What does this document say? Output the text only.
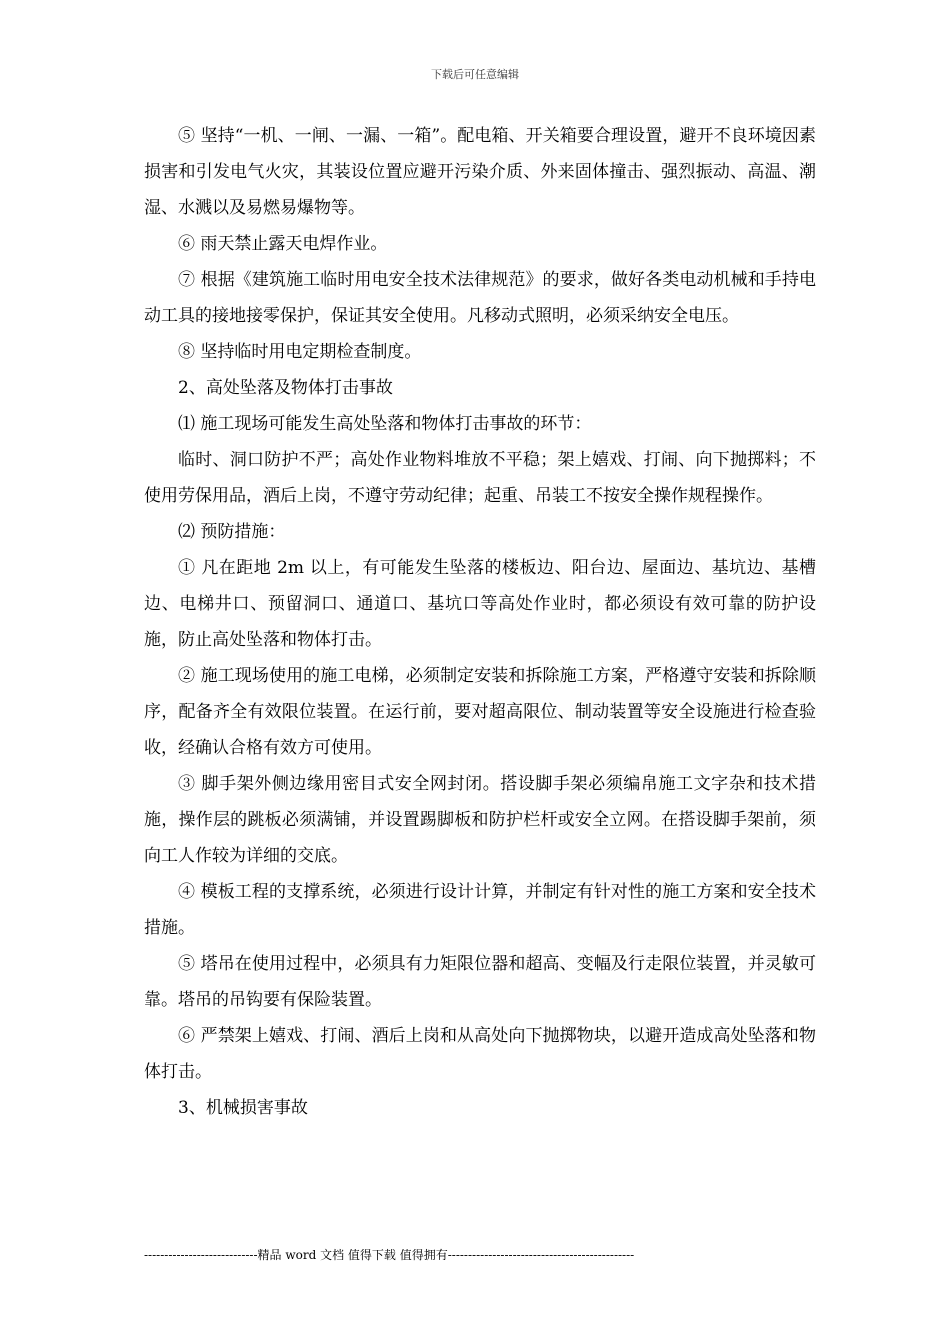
下载后可任意编辑

⑤ 坚持“一机、一闸、一漏、一箱”。配电箱、开关箱要合理设置，避开不良环境因素损害和引发电气火灾，其装设位置应避开污染介质、外来固体撞击、强烈振动、高温、潮湿、水溅以及易燃易爆物等。

⑥ 雨天禁止露天电焊作业。

⑦ 根据《建筑施工临时用电安全技术法律规范》的要求，做好各类电动机械和手持电动工具的接地接零保护，保证其安全使用。凡移动式照明，必须采纳安全电压。

⑧ 坚持临时用电定期检查制度。

2、高处坠落及物体打击事故

⑴ 施工现场可能发生高处坠落和物体打击事故的环节：

临时、洞口防护不严；高处作业物料堆放不平稳；架上嬉戏、打闹、向下抛掷料；不使用劳保用品，酒后上岗，不遵守劳动纪律；起重、吊装工不按安全操作规程操作。

⑵ 预防措施：

① 凡在距地 2m 以上，有可能发生坠落的楼板边、阳台边、屋面边、基坑边、基槽边、电梯井口、预留洞口、通道口、基坑口等高处作业时，都必须设有效可靠的防护设施，防止高处坠落和物体打击。

② 施工现场使用的施工电梯，必须制定安装和拆除施工方案，严格遵守安装和拆除顺序，配备齐全有效限位装置。在运行前，要对超高限位、制动装置等安全设施进行检查验收，经确认合格有效方可使用。

③ 脚手架外侧边缘用密目式安全网封闭。搭设脚手架必须编帛施工文字杂和技术措施，操作层的跳板必须满铺，并设置踢脚板和防护栏杆或安全立网。在搭设脚手架前，须向工人作较为详细的交底。

④ 模板工程的支撑系统，必须进行设计计算，并制定有针对性的施工方案和安全技术措施。

⑤ 塔吊在使用过程中，必须具有力矩限位器和超高、变幅及行走限位装置，并灵敏可靠。塔吊的吊钩要有保险装置。

⑥ 严禁架上嬉戏、打闹、酒后上岗和从高处向下抛掷物块，以避开造成高处坠落和物体打击。

3、机械损害事故

----------------------------精品 word 文档 值得下载 值得拥有----------------------------------------------
